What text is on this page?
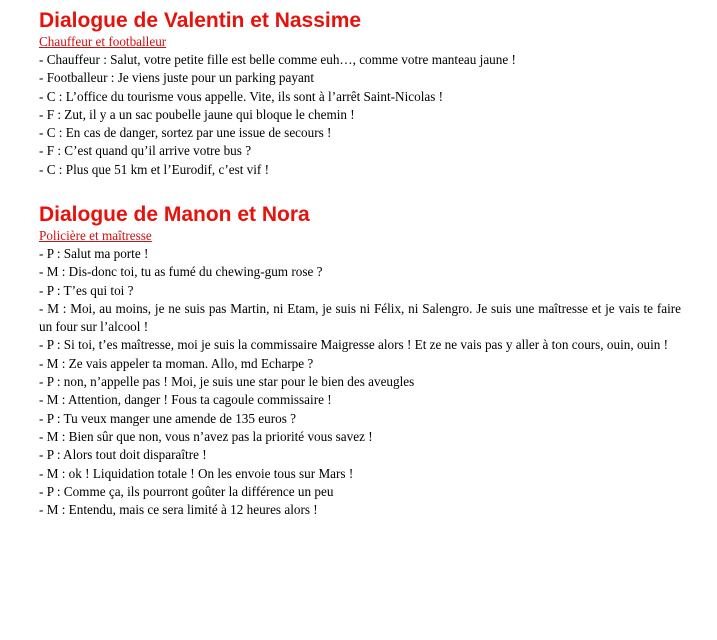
Dialogue de Valentin et Nassime
Chauffeur et footballeur
- Chauffeur : Salut, votre petite fille est belle comme euh…, comme votre manteau jaune !
- Footballeur : Je viens juste pour un parking payant
- C : L’office du tourisme vous appelle. Vite, ils sont à l’arrêt Saint-Nicolas !
- F : Zut, il y a un sac poubelle jaune qui bloque le chemin !
- C : En cas de danger, sortez par une issue de secours !
- F : C’est quand qu’il arrive votre bus ?
- C : Plus que 51 km et l’Eurodif, c’est vif !
Dialogue de Manon et Nora
Policière et maîtresse
- P : Salut ma porte !
- M : Dis-donc toi, tu as fumé du chewing-gum rose ?
- P : T’es qui toi ?
- M : Moi, au moins, je ne suis pas Martin, ni Etam, je suis ni Félix, ni Salengro. Je suis une maîtresse et je vais te faire un four sur l’alcool !
- P : Si toi, t’es maîtresse, moi je suis la commissaire Maigresse alors ! Et ze ne vais pas y aller à ton cours, ouin, ouin !
- M : Ze vais appeler ta moman. Allo, md Echarpe ?
- P : non, n’appelle pas ! Moi, je suis une star pour le bien des aveugles
- M : Attention, danger ! Fous ta cagoule commissaire !
- P : Tu veux manger une amende de 135 euros ?
- M : Bien sûr que non, vous n’avez pas la priorité vous savez !
- P : Alors tout doit disparaître !
- M : ok ! Liquidation totale ! On les envoie tous sur Mars !
- P : Comme ça, ils pourront goûter la différence un peu
- M : Entendu, mais ce sera limité à 12 heures alors !
